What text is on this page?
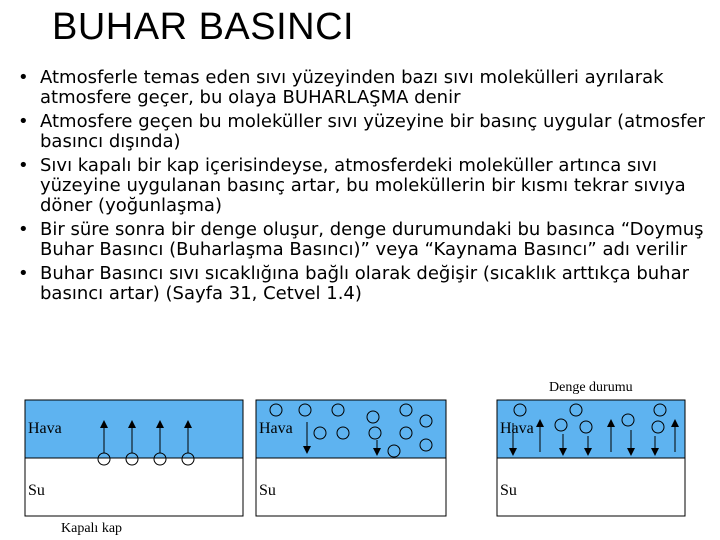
BUHAR BASINCI
• Atmosferle temas eden sıvı yüzeyinden bazı sıvı molekülleri ayrılarak atmosfere geçer, bu olaya BUHARLAŞMA denir
• Atmosfere geçen bu moleküller sıvı yüzeyine bir basınç uygular (atmosfer basıncı dışında)
• Sıvı kapalı bir kap içerisindeyse, atmosferdeki moleküller artınca sıvı yüzeyine uygulanan basınç artar, bu moleküllerin bir kısmı tekrar sıvıya döner (yoğunlaşma)
• Bir süre sonra bir denge oluşur, denge durumundaki bu basınca “Doymuş Buhar Basıncı (Buharlaşma Basıncı)” veya “Kaynama Basıncı” adı verilir
• Buhar Basıncı sıvı sıcaklığına bağlı olarak değişir (sıcaklık arttıkça buhar basıncı artar) (Sayfa 31, Cetvel 1.4)
Hava
Su
Kapalı kap
Hava
Su
Denge durumu
Hava
Su
